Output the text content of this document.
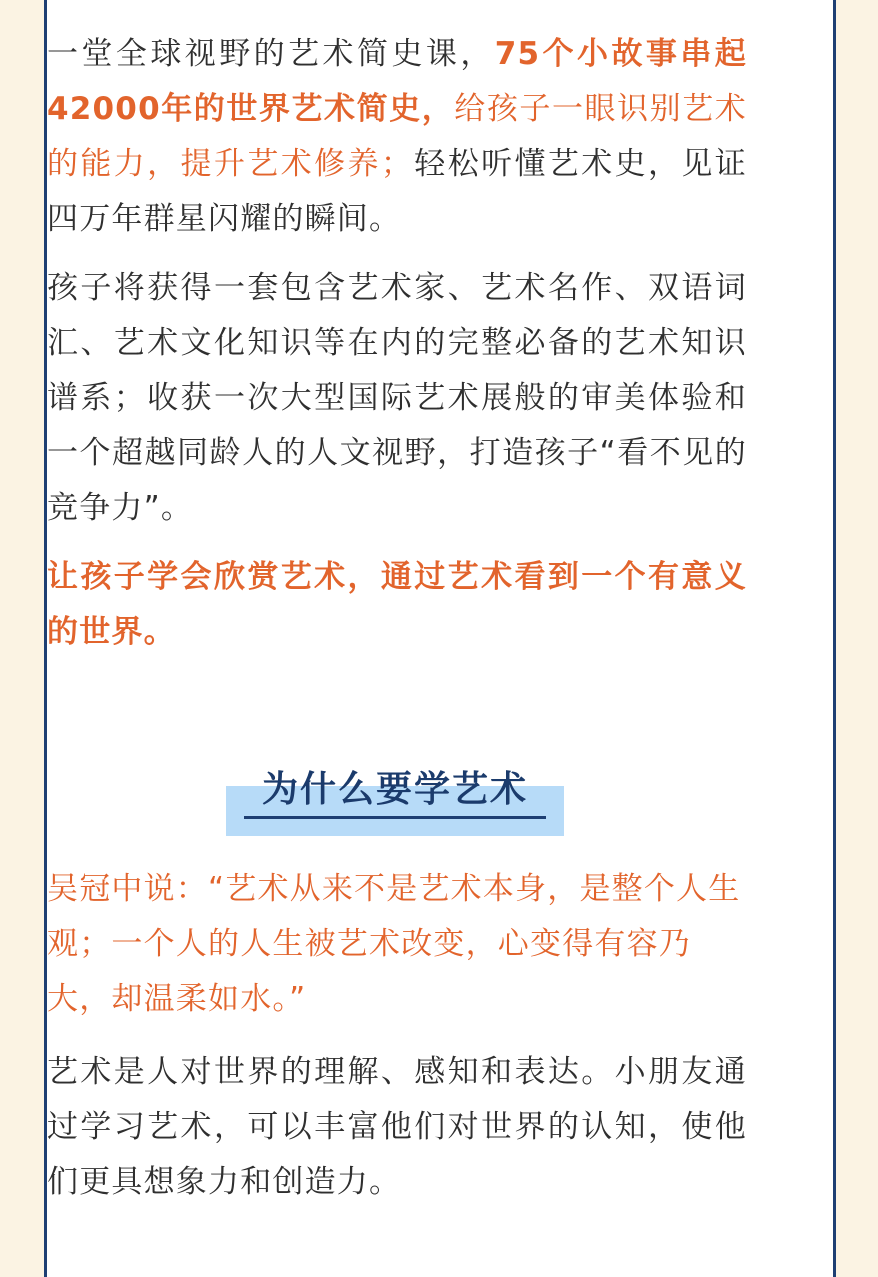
一堂全球视野的艺术简史课，75个小故事串起42000年的世界艺术简史，给孩子一眼识别艺术的能力，提升艺术修养；轻松听懂艺术史，见证四万年群星闪耀的瞬间。

孩子将获得一套包含艺术家、艺术名作、双语词汇、艺术文化知识等在内的完整必备的艺术知识谱系；收获一次大型国际艺术展般的审美体验和一个超越同龄人的人文视野，打造孩子“看不见的竞争力”。

让孩子学会欣赏艺术，通过艺术看到一个有意义的世界。

为什么要学艺术

吴冠中说：“艺术从来不是艺术本身，是整个人生观；一个人的人生被艺术改变，心变得有容乃大，却温柔如水。”

艺术是人对世界的理解、感知和表达。小朋友通过学习艺术，可以丰富他们对世界的认知，使他们更具想象力和创造力。
